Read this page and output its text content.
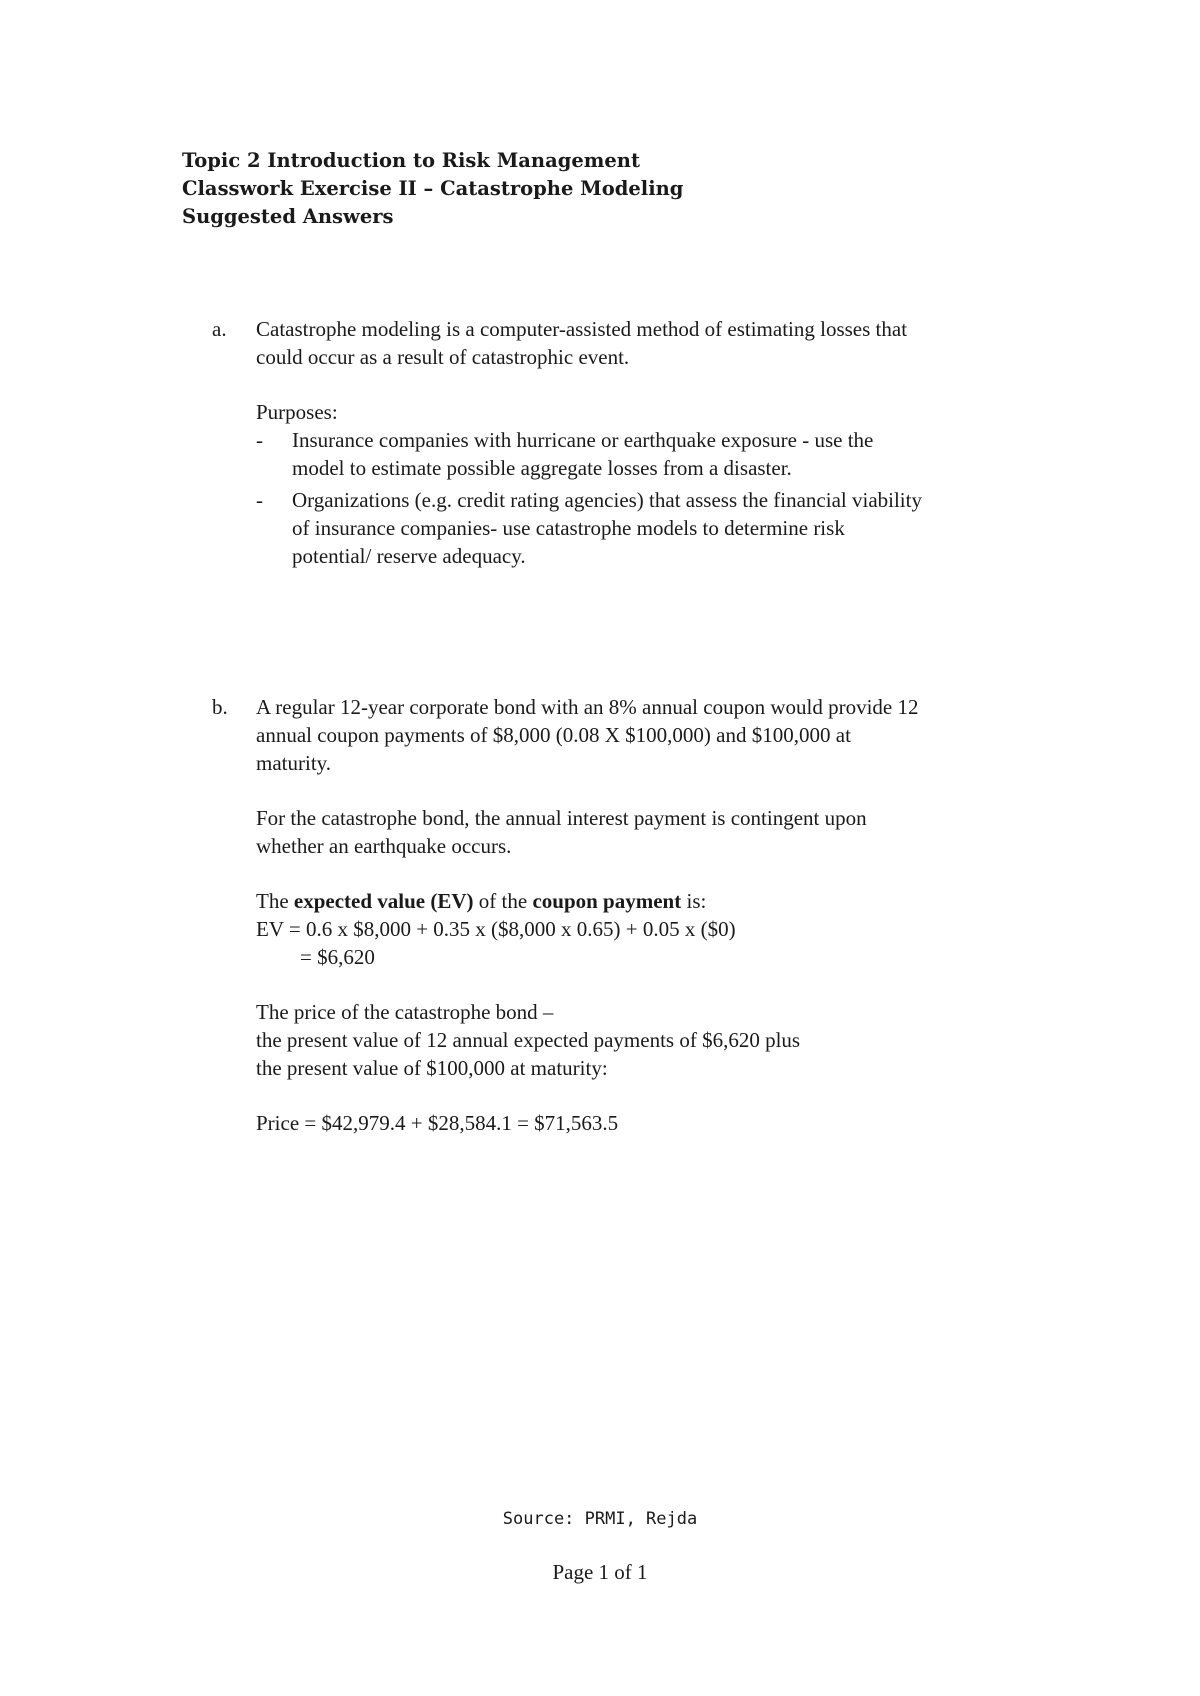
Topic 2 Introduction to Risk Management
Classwork Exercise II – Catastrophe Modeling
Suggested Answers
a. Catastrophe modeling is a computer-assisted method of estimating losses that
could occur as a result of catastrophic event.
Purposes:
-	Insurance companies with hurricane or earthquake exposure - use the
model to estimate possible aggregate losses from a disaster.
-	Organizations (e.g. credit rating agencies) that assess the financial viability
of insurance companies- use catastrophe models to determine risk
potential/ reserve adequacy.
b. A regular 12-year corporate bond with an 8% annual coupon would provide 12
annual coupon payments of $8,000 (0.08 X $100,000) and $100,000 at
maturity.
For the catastrophe bond, the annual interest payment is contingent upon
whether an earthquake occurs.
The expected value (EV) of the coupon payment is:
EV = 0.6 x $8,000 + 0.35 x ($8,000 x 0.65) + 0.05 x ($0)
= $6,620
The price of the catastrophe bond –
the present value of 12 annual expected payments of $6,620 plus
the present value of $100,000 at maturity:
Price = $42,979.4 + $28,584.1 = $71,563.5
Source: PRMI, Rejda
Page 1 of 1
